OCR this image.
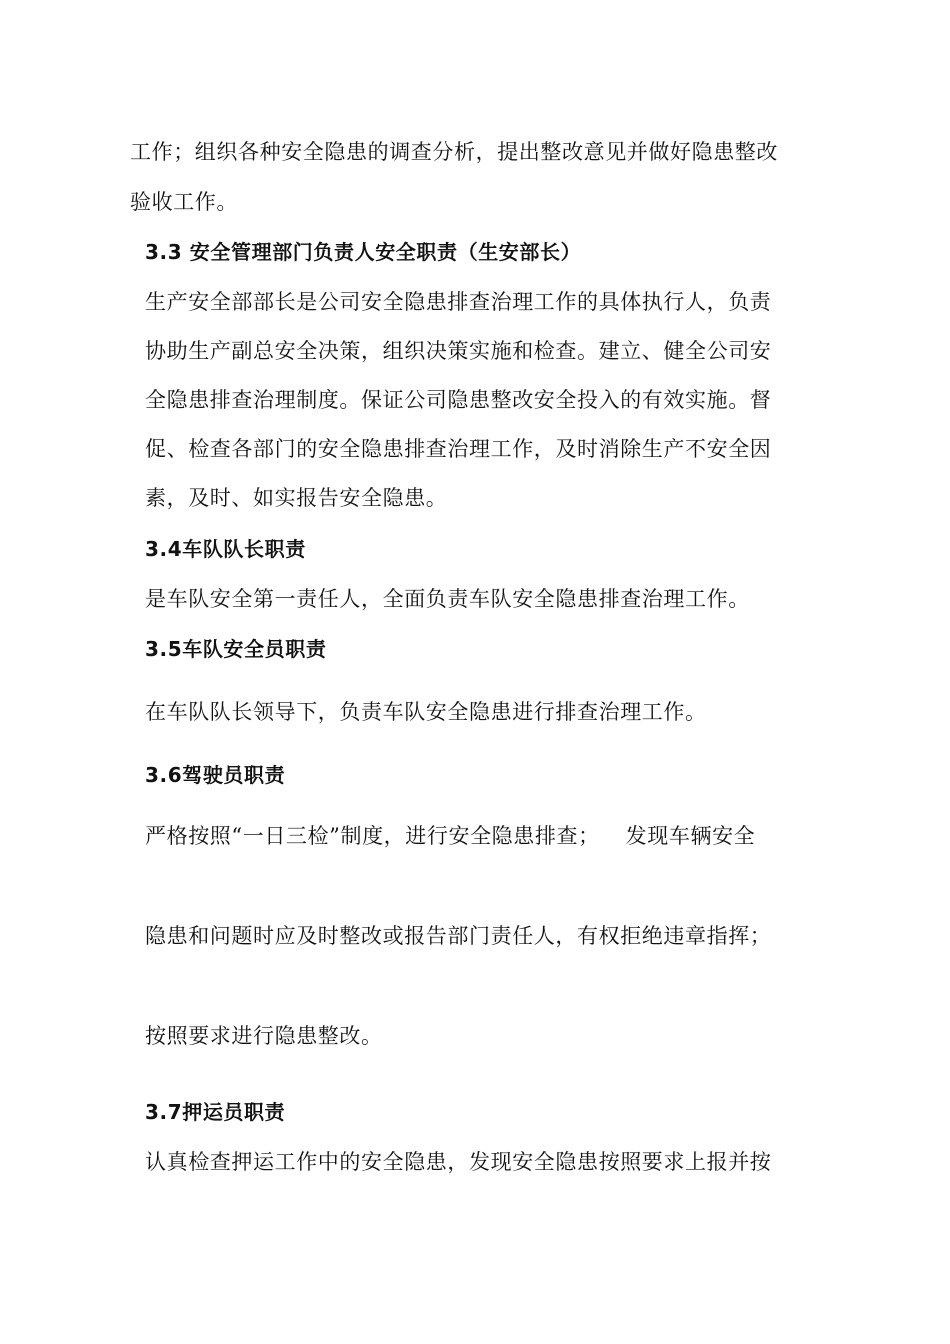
工作；组织各种安全隐患的调查分析，提出整改意见并做好隐患整改
验收工作。
3.3 安全管理部门负责人安全职责（生安部长）
生产安全部部长是公司安全隐患排查治理工作的具体执行人，负责
协助生产副总安全决策，组织决策实施和检查。建立、健全公司安
全隐患排查治理制度。保证公司隐患整改安全投入的有效实施。督
促、检查各部门的安全隐患排查治理工作，及时消除生产不安全因
素，及时、如实报告安全隐患。
3.4车队队长职责
是车队安全第一责任人，全面负责车队安全隐患排查治理工作。
3.5车队安全员职责
在车队队长领导下，负责车队安全隐患进行排查治理工作。
3.6驾驶员职责
严格按照“一日三检”制度，进行安全隐患排查； 发现车辆安全
隐患和问题时应及时整改或报告部门责任人，有权拒绝违章指挥；
按照要求进行隐患整改。
3.7押运员职责
认真检查押运工作中的安全隐患，发现安全隐患按照要求上报并按
